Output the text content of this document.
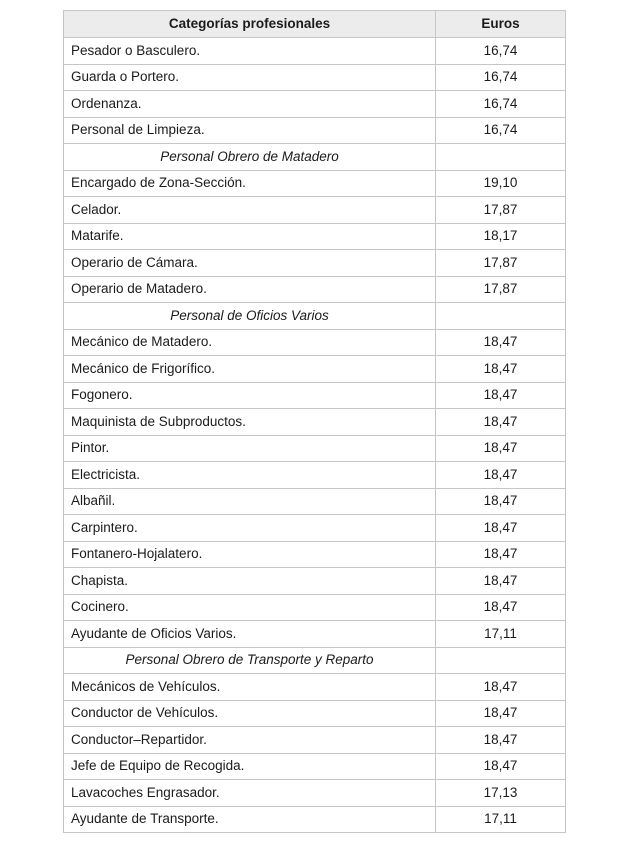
Categorías profesionales	Euros
Pesador o Basculero.	16,74
Guarda o Portero.	16,74
Ordenanza.	16,74
Personal de Limpieza.	16,74
Personal Obrero de Matadero	
Encargado de Zona-Sección.	19,10
Celador.	17,87
Matarife.	18,17
Operario de Cámara.	17,87
Operario de Matadero.	17,87
Personal de Oficios Varios	
Mecánico de Matadero.	18,47
Mecánico de Frigorífico.	18,47
Fogonero.	18,47
Maquinista de Subproductos.	18,47
Pintor.	18,47
Electricista.	18,47
Albañil.	18,47
Carpintero.	18,47
Fontanero-Hojalatero.	18,47
Chapista.	18,47
Cocinero.	18,47
Ayudante de Oficios Varios.	17,11
Personal Obrero de Transporte y Reparto	
Mecánicos de Vehículos.	18,47
Conductor de Vehículos.	18,47
Conductor–Repartidor.	18,47
Jefe de Equipo de Recogida.	18,47
Lavacoches Engrasador.	17,13
Ayudante de Transporte.	17,11
